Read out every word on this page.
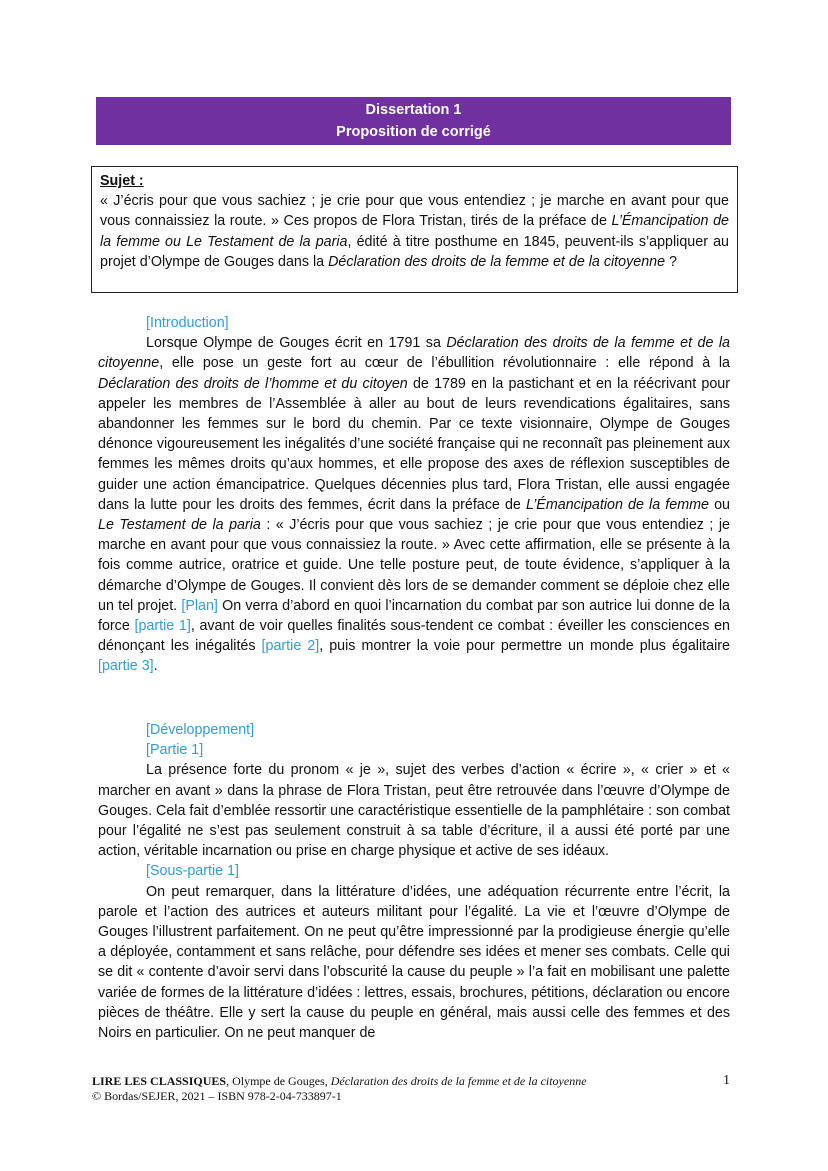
Dissertation 1
Proposition de corrigé
Sujet :
« J’écris pour que vous sachiez ; je crie pour que vous entendiez ; je marche en avant pour que vous connaissiez la route. » Ces propos de Flora Tristan, tirés de la préface de L’Émancipation de la femme ou Le Testament de la paria, édité à titre posthume en 1845, peuvent-ils s’appliquer au projet d’Olympe de Gouges dans la Déclaration des droits de la femme et de la citoyenne ?

[Introduction]

Lorsque Olympe de Gouges écrit en 1791 sa Déclaration des droits de la femme et de la citoyenne, elle pose un geste fort au cœur de l’ébullition révolutionnaire : elle répond à la Déclaration des droits de l’homme et du citoyen de 1789 en la pastichant et en la réécrivant pour appeler les membres de l’Assemblée à aller au bout de leurs revendications égalitaires, sans abandonner les femmes sur le bord du chemin. Par ce texte visionnaire, Olympe de Gouges dénonce vigoureusement les inégalités d’une société française qui ne reconnaît pas pleinement aux femmes les mêmes droits qu’aux hommes, et elle propose des axes de réflexion susceptibles de guider une action émancipatrice. Quelques décennies plus tard, Flora Tristan, elle aussi engagée dans la lutte pour les droits des femmes, écrit dans la préface de L’Émancipation de la femme ou Le Testament de la paria : « J’écris pour que vous sachiez ; je crie pour que vous entendiez ; je marche en avant pour que vous connaissiez la route. » Avec cette affirmation, elle se présente à la fois comme autrice, oratrice et guide. Une telle posture peut, de toute évidence, s’appliquer à la démarche d’Olympe de Gouges. Il convient dès lors de se demander comment se déploie chez elle un tel projet. [Plan] On verra d’abord en quoi l’incarnation du combat par son autrice lui donne de la force [partie 1], avant de voir quelles finalités sous-tendent ce combat : éveiller les consciences en dénonçant les inégalités [partie 2], puis montrer la voie pour permettre un monde plus égalitaire [partie 3].

[Développement]

[Partie 1]

La présence forte du pronom « je », sujet des verbes d’action « écrire », « crier » et « marcher en avant » dans la phrase de Flora Tristan, peut être retrouvée dans l’œuvre d’Olympe de Gouges. Cela fait d’emblée ressortir une caractéristique essentielle de la pamphlétaire : son combat pour l’égalité ne s’est pas seulement construit à sa table d’écriture, il a aussi été porté par une action, véritable incarnation ou prise en charge physique et active de ses idéaux.

[Sous-partie 1]

On peut remarquer, dans la littérature d’idées, une adéquation récurrente entre l’écrit, la parole et l’action des autrices et auteurs militant pour l’égalité. La vie et l’œuvre d’Olympe de Gouges l’illustrent parfaitement. On ne peut qu’être impressionné par la prodigieuse énergie qu’elle a déployée, contamment et sans relâche, pour défendre ses idées et mener ses combats. Celle qui se dit « contente d’avoir servi dans l’obscurité la cause du peuple » l’a fait en mobilisant une palette variée de formes de la littérature d’idées : lettres, essais, brochures, pétitions, déclaration ou encore pièces de théâtre. Elle y sert la cause du peuple en général, mais aussi celle des femmes et des Noirs en particulier. On ne peut manquer de

LIRE LES CLASSIQUES, Olympe de Gouges, Déclaration des droits de la femme et de la citoyenne
© Bordas/SEJER, 2021 – ISBN 978-2-04-733897-1
1
